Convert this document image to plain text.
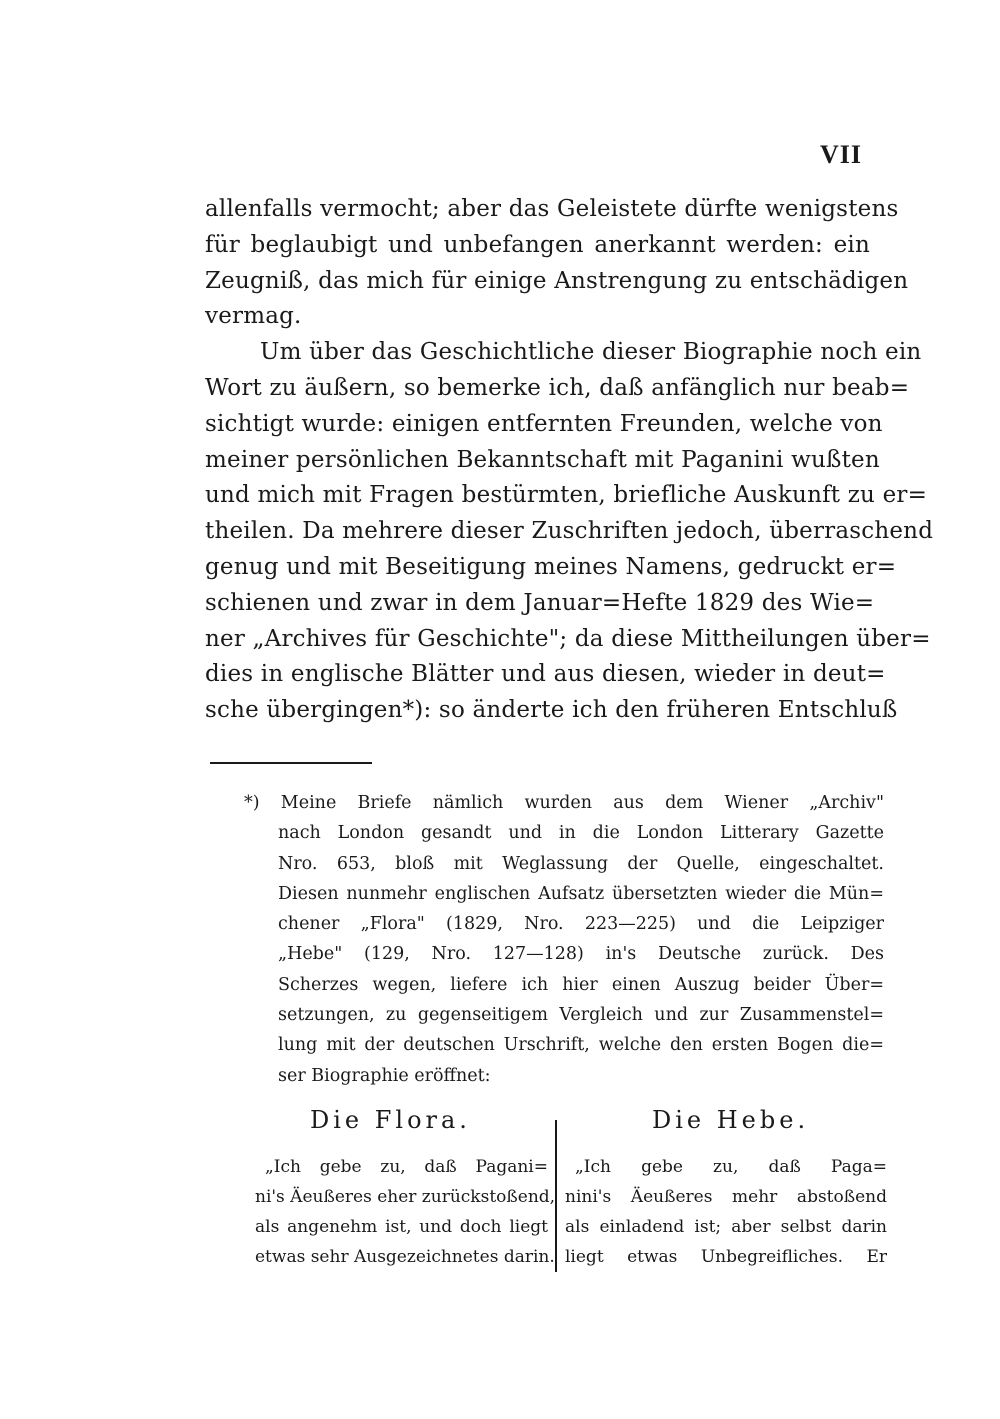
VII
allenfalls vermocht; aber das Geleistete dürfte wenigstens
für beglaubigt und unbefangen anerkannt werden: ein
Zeugniß, das mich für einige Anstrengung zu entschädigen
vermag.
Um über das Geschichtliche dieser Biographie noch ein
Wort zu äußern, so bemerke ich, daß anfänglich nur beab=
sichtigt wurde: einigen entfernten Freunden, welche von
meiner persönlichen Bekanntschaft mit Paganini wußten
und mich mit Fragen bestürmten, briefliche Auskunft zu er=
theilen. Da mehrere dieser Zuschriften jedoch, überraschend
genug und mit Beseitigung meines Namens, gedruckt er=
schienen und zwar in dem Januar=Hefte 1829 des Wie=
ner „Archives für Geschichte"; da diese Mittheilungen über=
dies in englische Blätter und aus diesen, wieder in deut=
sche übergingen*): so änderte ich den früheren Entschluß
*) Meine Briefe nämlich wurden aus dem Wiener „Archiv"
nach London gesandt und in die London Litterary Gazette
Nro. 653, bloß mit Weglassung der Quelle, eingeschaltet.
Diesen nunmehr englischen Aufsatz übersetzten wieder die Mün=
chener „Flora" (1829, Nro. 223—225) und die Leipziger
„Hebe" (129, Nro. 127—128) in's Deutsche zurück. Des
Scherzes wegen, liefere ich hier einen Auszug beider Über=
setzungen, zu gegenseitigem Vergleich und zur Zusammenstel=
lung mit der deutschen Urschrift, welche den ersten Bogen die=
ser Biographie eröffnet:
Die Flora.
„Ich gebe zu, daß Pagani=
ni's Äeußeres eher zurückstoßend,
als angenehm ist, und doch liegt
etwas sehr Ausgezeichnetes darin.
Die Hebe.
„Ich gebe zu, daß Paga=
nini's Äeußeres mehr abstoßend
als einladend ist; aber selbst darin
liegt etwas Unbegreifliches. Er
